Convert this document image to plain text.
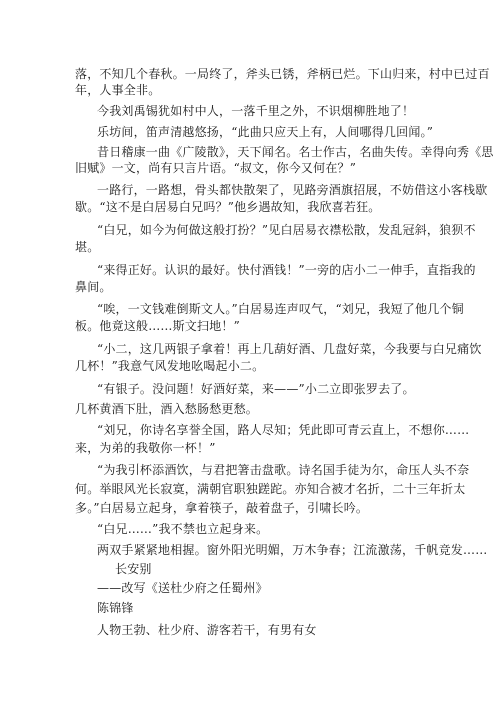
落，不知几个春秋。一局终了，斧头已锈，斧柄已烂。下山归来，村中已过百
年，人事全非。
今我刘禹锡犹如村中人，一落千里之外，不识烟柳胜地了！
乐坊间，笛声清越悠扬，“此曲只应天上有，人间哪得几回闻。”
昔日稽康一曲《广陵散》，天下闻名。名士作古，名曲失传。幸得向秀《思
旧赋》一文，尚有只言片语。“叔文，你今又何在？”
一路行，一路想，骨头都快散架了，见路旁酒旗招展，不妨借这小客栈歇
歇。“这不是白居易白兄吗？”他乡遇故知，我欣喜若狂。
“白兄，如今为何做这般打扮？”见白居易衣襟松散，发乱冠斜，狼狈不
堪。
“来得正好。认识的最好。快付酒钱！”一旁的店小二一伸手，直指我的
鼻间。
“唉，一文钱难倒斯文人。”白居易连声叹气，“刘兄，我短了他几个铜
板。他竟这般……斯文扫地！”
“小二，这几两银子拿着！再上几葫好酒、几盘好菜，今我要与白兄痛饮
几杯！”我意气风发地吆喝起小二。
“有银子。没问题！好酒好菜，来——”小二立即张罗去了。
几杯黄酒下肚，酒入愁肠愁更愁。
“刘兄，你诗名享誉全国，路人尽知；凭此即可青云直上，不想你……
来，为弟的我敬你一杯！”
“为我引杯添酒饮，与君把箸击盘歌。诗名国手徒为尔，命压人头不奈
何。举眼风光长寂寞，满朝官职独蹉跎。亦知合被才名折，二十三年折太
多。”白居易立起身，拿着筷子，敲着盘子，引啸长吟。
“白兄……”我不禁也立起身来。
两双手紧紧地相握。窗外阳光明媚，万木争春；江流激荡，千帆竞发……
长安别
——改写《送杜少府之任蜀州》
陈锦锋
人物王勃、杜少府、游客若干，有男有女
